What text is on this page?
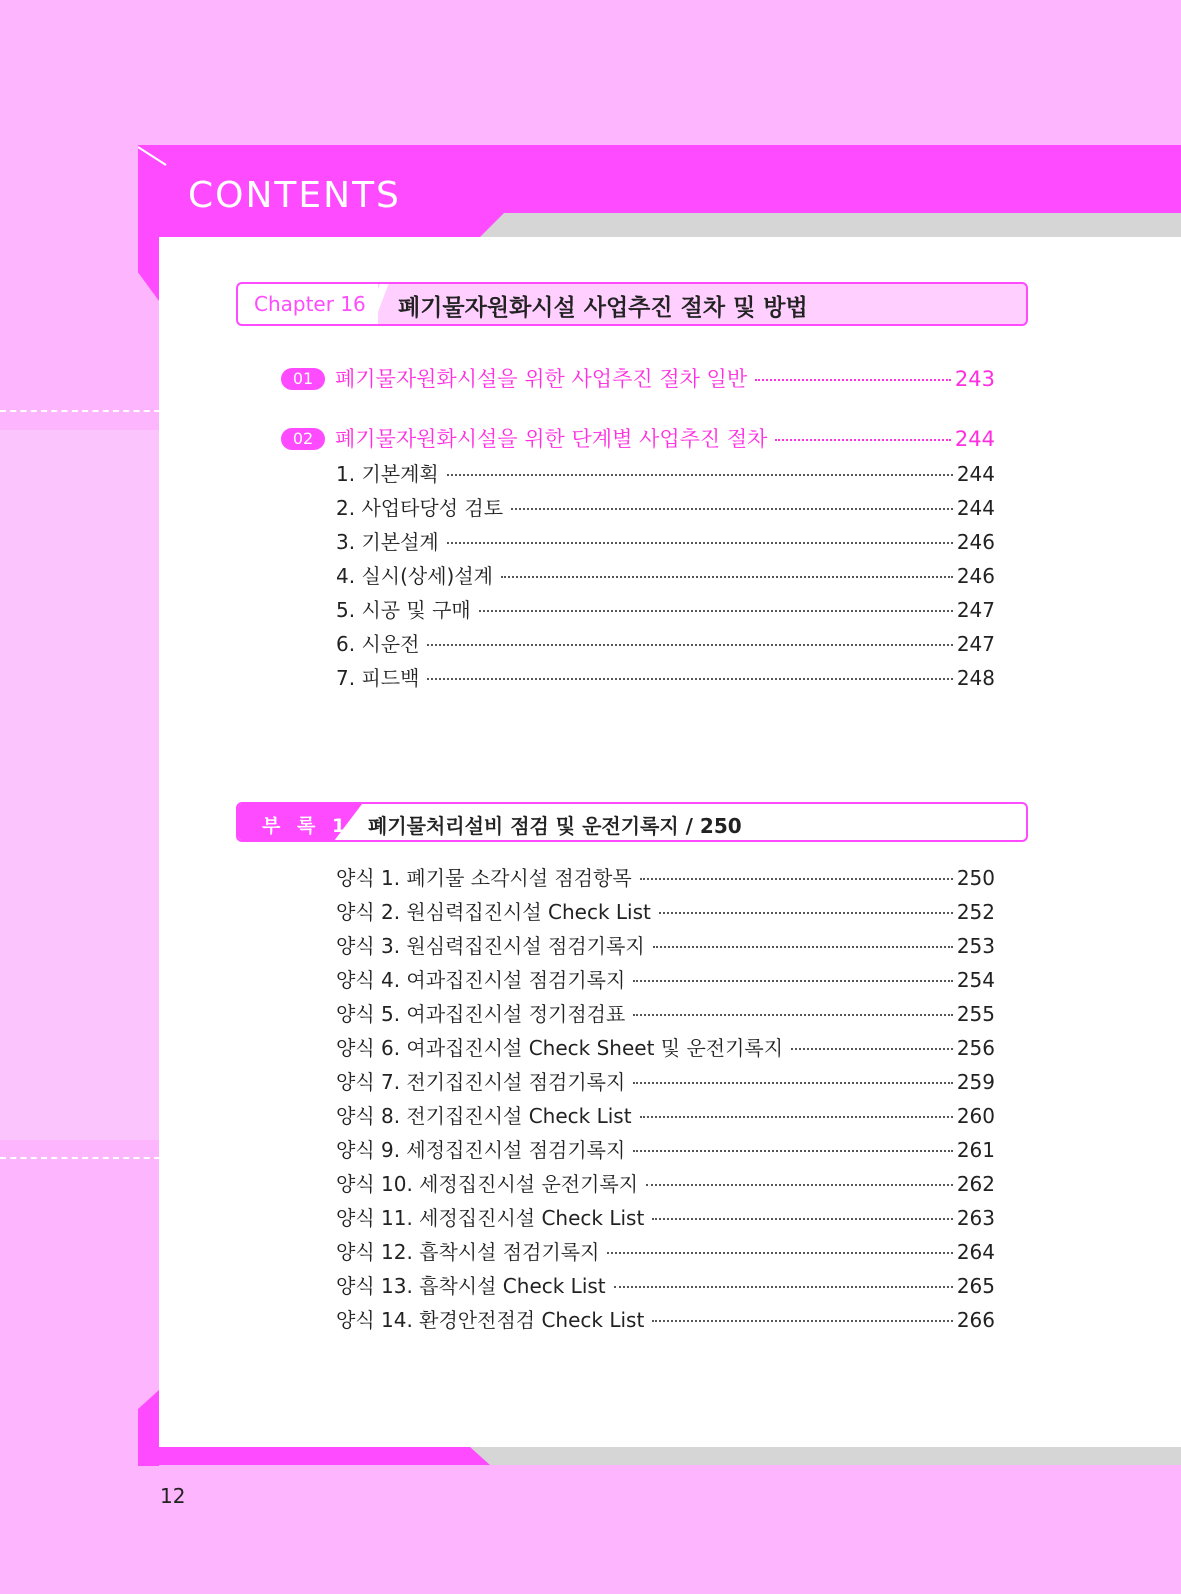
CONTENTS
Chapter 16 폐기물자원화시설 사업추진 절차 및 방법
01	폐기물자원화시설을 위한 사업추진 절차 일반	243
02	폐기물자원화시설을 위한 단계별 사업추진 절차	244
1. 기본계획	244
2. 사업타당성 검토	244
3. 기본설계	246
4. 실시(상세)설계	246
5. 시공 및 구매	247
6. 시운전	247
7. 피드백	248
부 록 1 폐기물처리설비 점검 및 운전기록지 / 250
양식 1. 폐기물 소각시설 점검항목	250
양식 2. 원심력집진시설 Check List	252
양식 3. 원심력집진시설 점검기록지	253
양식 4. 여과집진시설 점검기록지	254
양식 5. 여과집진시설 정기점검표	255
양식 6. 여과집진시설 Check Sheet 및 운전기록지	256
양식 7. 전기집진시설 점검기록지	259
양식 8. 전기집진시설 Check List	260
양식 9. 세정집진시설 점검기록지	261
양식 10. 세정집진시설 운전기록지	262
양식 11. 세정집진시설 Check List	263
양식 12. 흡착시설 점검기록지	264
양식 13. 흡착시설 Check List	265
양식 14. 환경안전점검 Check List	266
12
